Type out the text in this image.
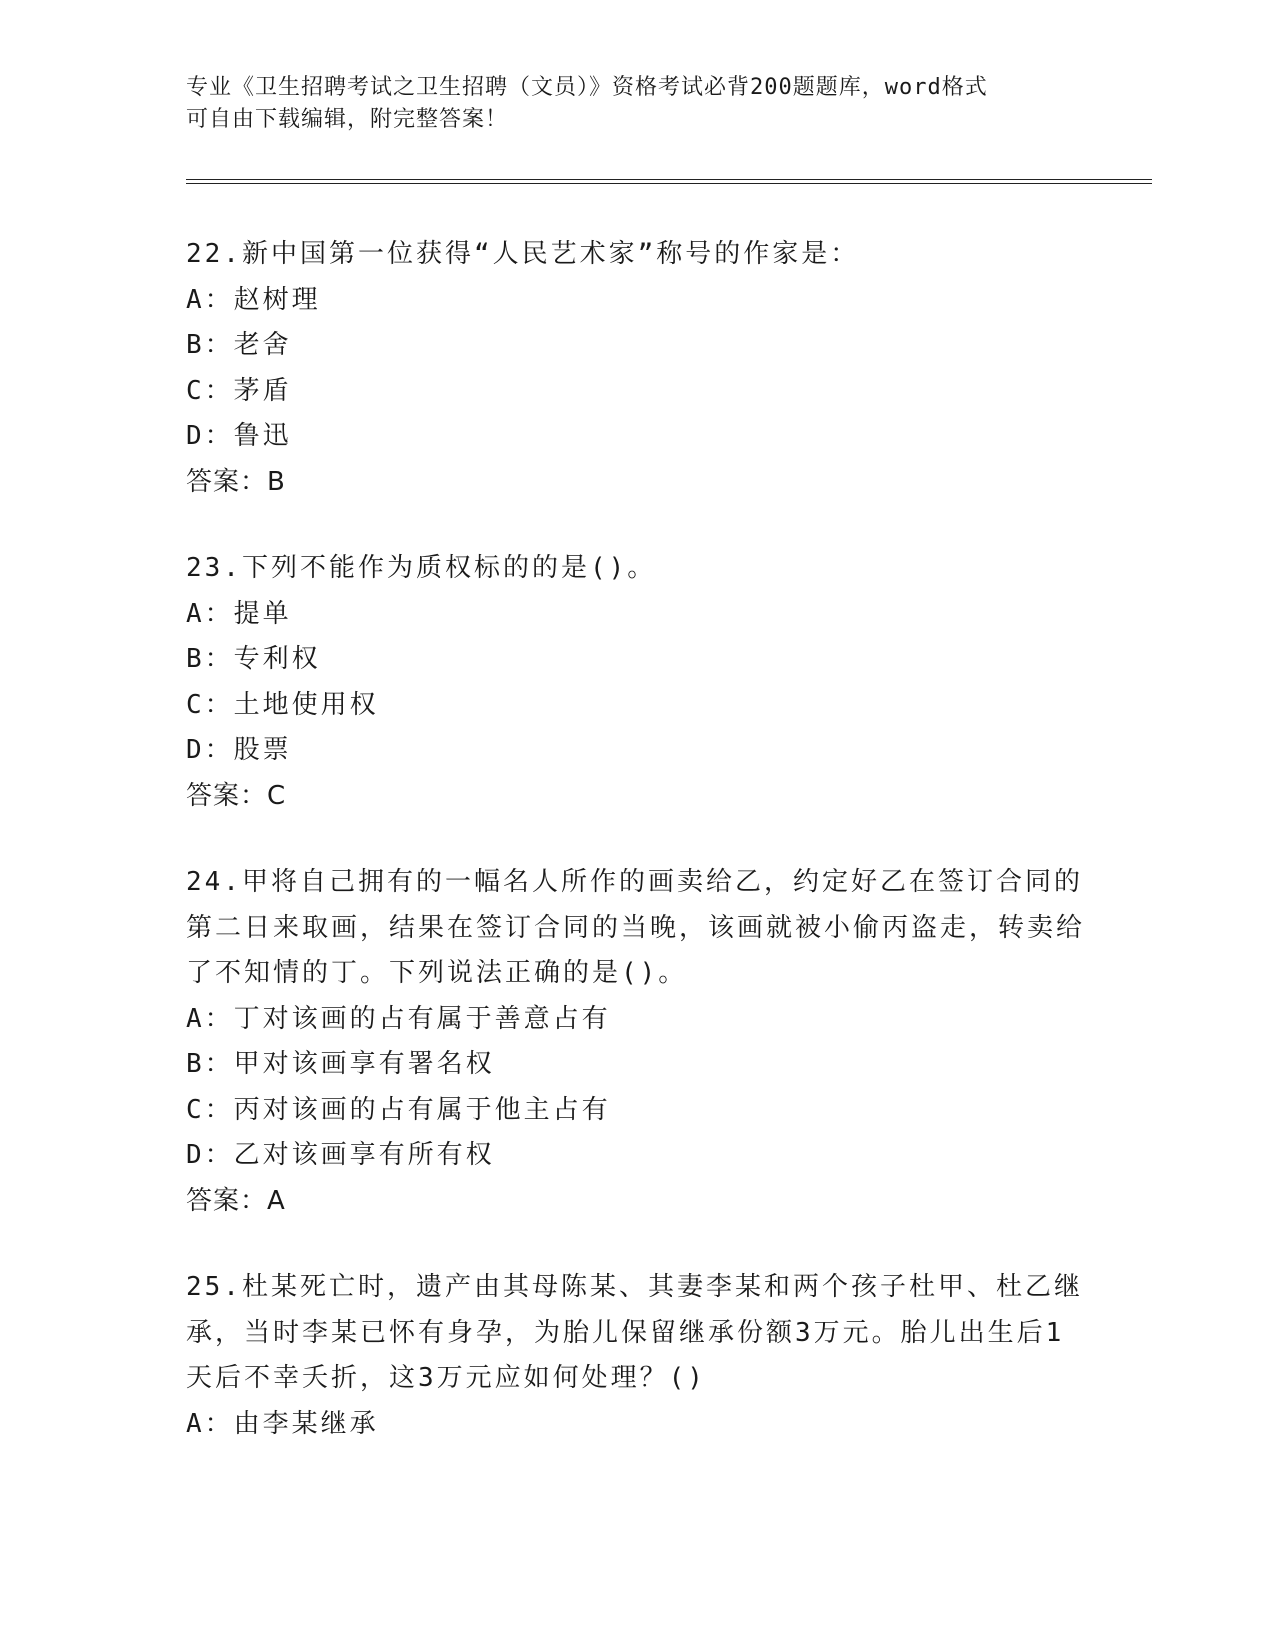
专业《卫生招聘考试之卫生招聘（文员）》资格考试必背200题题库，word格式
可自由下载编辑，附完整答案！
22.新中国第一位获得“人民艺术家”称号的作家是：
A：赵树理
B：老舍
C：茅盾
D：鲁迅
答案：B
23.下列不能作为质权标的的是()。
A：提单
B：专利权
C：土地使用权
D：股票
答案：C
24.甲将自己拥有的一幅名人所作的画卖给乙，约定好乙在签订合同的第二日来取画，结果在签订合同的当晚，该画就被小偷丙盗走，转卖给了不知情的丁。下列说法正确的是()。
A：丁对该画的占有属于善意占有
B：甲对该画享有署名权
C：丙对该画的占有属于他主占有
D：乙对该画享有所有权
答案：A
25.杜某死亡时，遗产由其母陈某、其妻李某和两个孩子杜甲、杜乙继承，当时李某已怀有身孕，为胎儿保留继承份额3万元。胎儿出生后1天后不幸夭折，这3万元应如何处理？()
A：由李某继承
